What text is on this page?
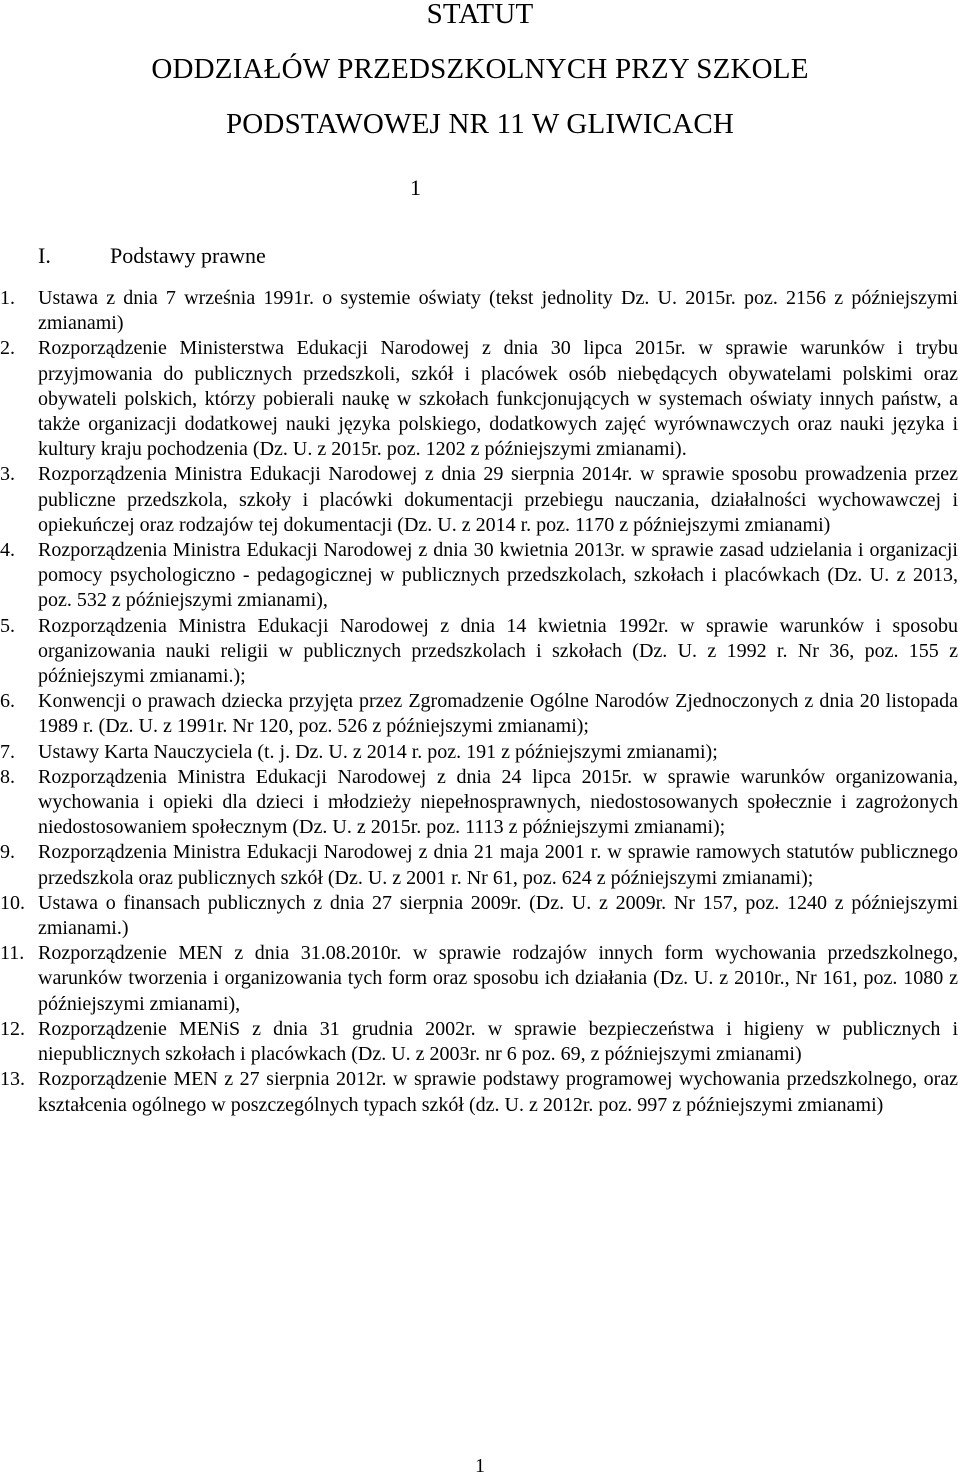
STATUT
ODDZIAŁÓW PRZEDSZKOLNYCH PRZY SZKOLE
PODSTAWOWEJ NR 11 W GLIWICACH
1
I.	Podstawy prawne
1. Ustawa z dnia 7 września 1991r. o systemie oświaty (tekst jednolity Dz. U. 2015r. poz. 2156 z późniejszymi zmianami)
2. Rozporządzenie Ministerstwa Edukacji Narodowej z dnia 30 lipca 2015r. w sprawie warunków i trybu przyjmowania do publicznych przedszkoli, szkół i placówek osób niebędących obywatelami polskimi oraz obywateli polskich, którzy pobierali naukę w szkołach funkcjonujących w systemach oświaty innych państw, a także organizacji dodatkowej nauki języka polskiego, dodatkowych zajęć wyrównawczych oraz nauki języka i kultury kraju pochodzenia (Dz. U. z 2015r. poz. 1202 z późniejszymi zmianami).
3. Rozporządzenia Ministra Edukacji Narodowej z dnia 29 sierpnia 2014r. w sprawie sposobu prowadzenia przez publiczne przedszkola, szkoły i placówki dokumentacji przebiegu nauczania, działalności wychowawczej i opiekuńczej oraz rodzajów tej dokumentacji (Dz. U. z 2014 r. poz. 1170 z późniejszymi zmianami)
4. Rozporządzenia Ministra Edukacji Narodowej z dnia 30 kwietnia 2013r. w sprawie zasad udzielania i organizacji pomocy psychologiczno - pedagogicznej w publicznych przedszkolach, szkołach i placówkach (Dz. U. z 2013, poz. 532 z późniejszymi zmianami),
5. Rozporządzenia Ministra Edukacji Narodowej z dnia 14 kwietnia 1992r. w sprawie warunków i sposobu organizowania nauki religii w publicznych przedszkolach i szkołach (Dz. U. z 1992 r. Nr 36, poz. 155 z późniejszymi zmianami.);
6. Konwencji o prawach dziecka przyjęta przez Zgromadzenie Ogólne Narodów Zjednoczonych z dnia 20 listopada 1989 r. (Dz. U. z 1991r. Nr 120, poz. 526 z późniejszymi zmianami);
7. Ustawy Karta Nauczyciela (t. j. Dz. U. z 2014 r. poz. 191 z późniejszymi zmianami);
8. Rozporządzenia Ministra Edukacji Narodowej z dnia 24 lipca 2015r. w sprawie warunków organizowania, wychowania i opieki dla dzieci i młodzieży niepełnosprawnych, niedostosowanych społecznie i zagrożonych niedostosowaniem społecznym (Dz. U. z 2015r. poz. 1113 z późniejszymi zmianami);
9. Rozporządzenia Ministra Edukacji Narodowej z dnia 21 maja 2001 r. w sprawie ramowych statutów publicznego przedszkola oraz publicznych szkół (Dz. U. z 2001 r. Nr 61, poz. 624 z późniejszymi zmianami);
10. Ustawa o finansach publicznych z dnia 27 sierpnia 2009r. (Dz. U. z 2009r. Nr 157, poz. 1240 z późniejszymi zmianami.)
11. Rozporządzenie MEN z dnia 31.08.2010r. w sprawie rodzajów innych form wychowania przedszkolnego, warunków tworzenia i organizowania tych form oraz sposobu ich działania (Dz. U. z 2010r., Nr 161, poz. 1080 z późniejszymi zmianami),
12. Rozporządzenie MENiS z dnia 31 grudnia 2002r. w sprawie bezpieczeństwa i higieny w publicznych i niepublicznych szkołach i placówkach (Dz. U. z 2003r. nr 6 poz. 69, z późniejszymi zmianami)
13. Rozporządzenie MEN z 27 sierpnia 2012r. w sprawie podstawy programowej wychowania przedszkolnego, oraz kształcenia ogólnego w poszczególnych typach szkół (dz. U. z 2012r. poz. 997 z późniejszymi zmianami)
1
